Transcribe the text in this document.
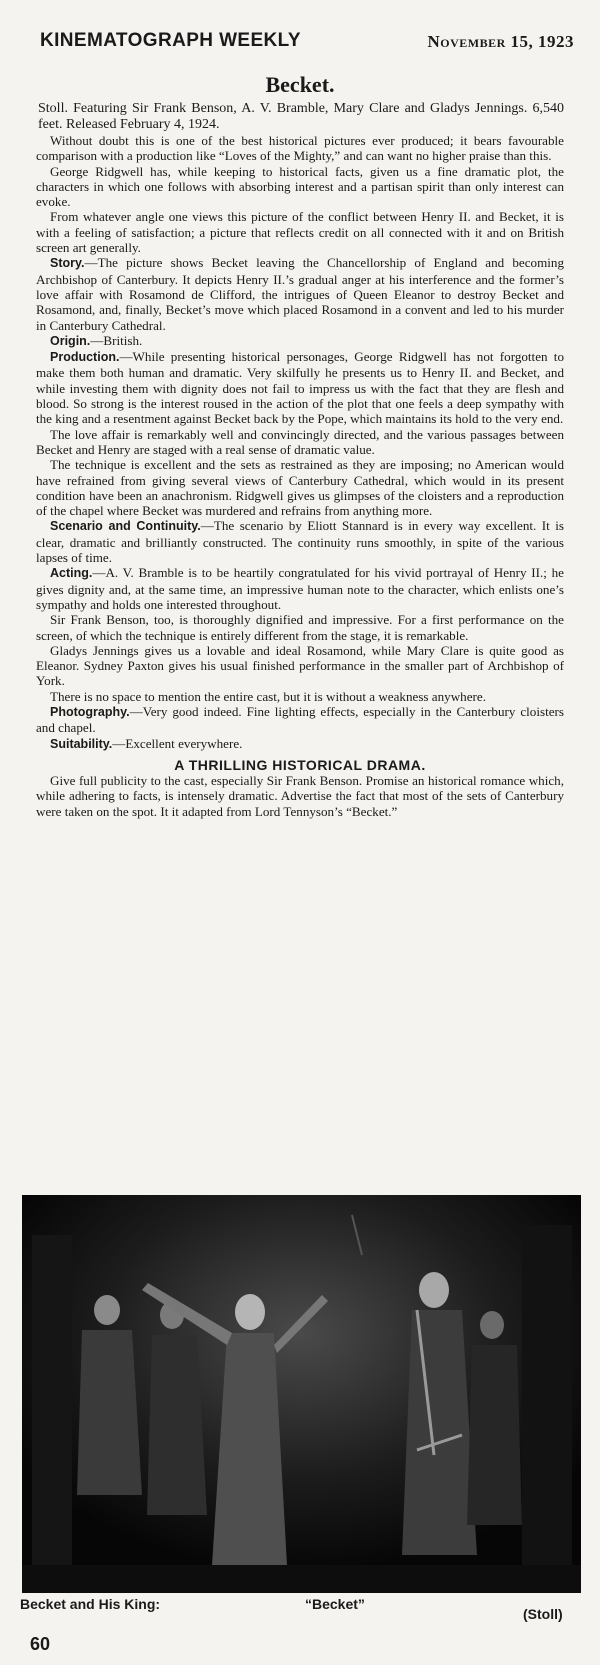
KINEMATOGRAPH WEEKLY	November 15, 1923
Becket.

Stoll. Featuring Sir Frank Benson, A. V. Bramble, Mary Clare and Gladys Jennings. 6,540 feet. Released February 4, 1924.

Without doubt this is one of the best historical pictures ever produced; it bears favourable comparison with a production like “Loves of the Mighty,” and can want no higher praise than this.

George Ridgwell has, while keeping to historical facts, given us a fine dramatic plot, the characters in which one follows with absorbing interest and a partisan spirit than only interest can evoke.

From whatever angle one views this picture of the conflict between Henry II. and Becket, it is with a feeling of satisfaction; a picture that reflects credit on all connected with it and on British screen art generally.

Story.—The picture shows Becket leaving the Chancellorship of England and becoming Archbishop of Canterbury. It depicts Henry II.’s gradual anger at his interference and the former’s love affair with Rosamond de Clifford, the intrigues of Queen Eleanor to destroy Becket and Rosamond, and, finally, Becket’s move which placed Rosamond in a convent and led to his murder in Canterbury Cathedral.

Origin.—British.

Production.—While presenting historical personages, George Ridgwell has not forgotten to make them both human and dramatic. Very skilfully he presents us to Henry II. and Becket, and while investing them with dignity does not fail to impress us with the fact that they are flesh and blood. So strong is the interest roused in the action of the plot that one feels a deep sympathy with the king and a resentment against Becket back by the Pope, which maintains its hold to the very end.

The love affair is remarkably well and convincingly directed, and the various passages between Becket and Henry are staged with a real sense of dramatic value.

The technique is excellent and the sets as restrained as they are imposing; no American would have refrained from giving several views of Canterbury Cathedral, which would in its present condition have been an anachronism. Ridgwell gives us glimpses of the cloisters and a reproduction of the chapel where Becket was murdered and refrains from anything more.

Scenario and Continuity.—The scenario by Eliott Stannard is in every way excellent. It is clear, dramatic and brilliantly constructed. The continuity runs smoothly, in spite of the various lapses of time.

Acting.—A. V. Bramble is to be heartily congratulated for his vivid portrayal of Henry II.; he gives dignity and, at the same time, an impressive human note to the character, which enlists one’s sympathy and holds one interested throughout.

Sir Frank Benson, too, is thoroughly dignified and impressive. For a first performance on the screen, of which the technique is entirely different from the stage, it is remarkable.

Gladys Jennings gives us a lovable and ideal Rosamond, while Mary Clare is quite good as Eleanor. Sydney Paxton gives his usual finished performance in the smaller part of Archbishop of York.

There is no space to mention the entire cast, but it is without a weakness anywhere.

Photography.—Very good indeed. Fine lighting effects, especially in the Canterbury cloisters and chapel.

Suitability.—Excellent everywhere.

A THRILLING HISTORICAL DRAMA.

Give full publicity to the cast, especially Sir Frank Benson. Promise an historical romance which, while adhering to facts, is intensely dramatic. Advertise the fact that most of the sets of Canterbury were taken on the spot. It it adapted from Lord Tennyson’s “Becket.”

Becket and His King:	“Becket”
(Stoll)
60
